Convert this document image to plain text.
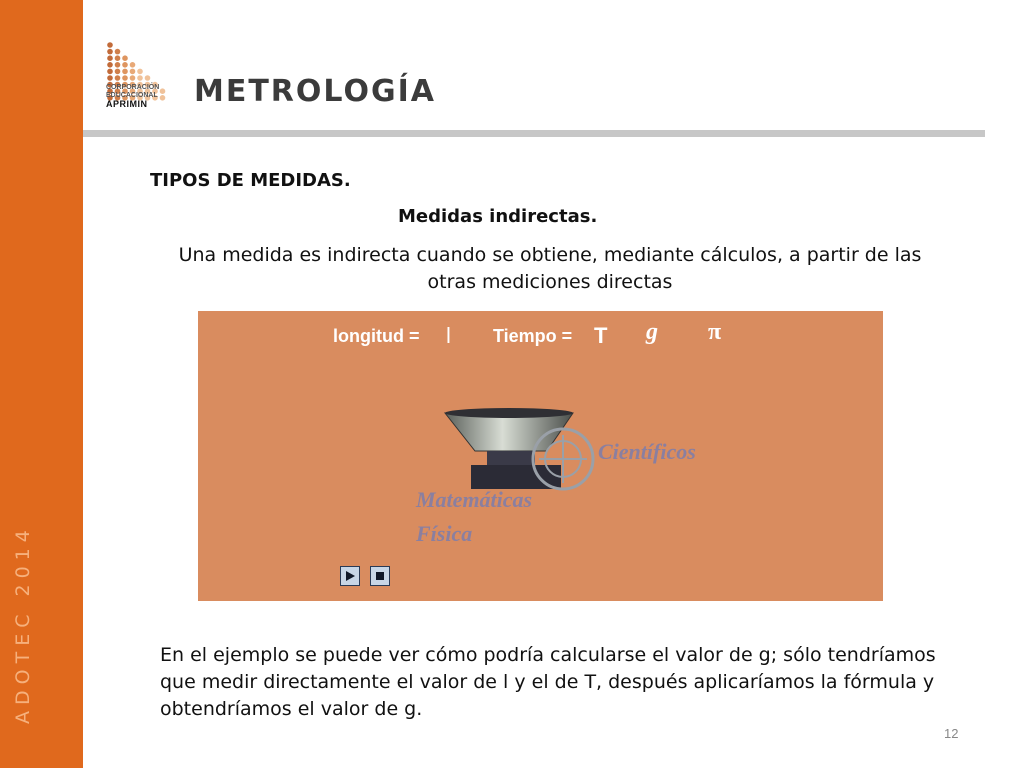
ADOTEC 2014
CORPORACIÓN
EDUCACIONAL
APRIMIN	METROLOGÍA
TIPOS DE MEDIDAS.
Medidas indirectas.
Una medida es indirecta cuando se obtiene, mediante cálculos, a partir de las otras mediciones directas
longitud = l Tiempo = T g π
Científicos
Matemáticas
Física
En el ejemplo se puede ver cómo podría calcularse el valor de g; sólo tendríamos que medir directamente el valor de l y el de T, después aplicaríamos la fórmula y obtendríamos el valor de g.
12
